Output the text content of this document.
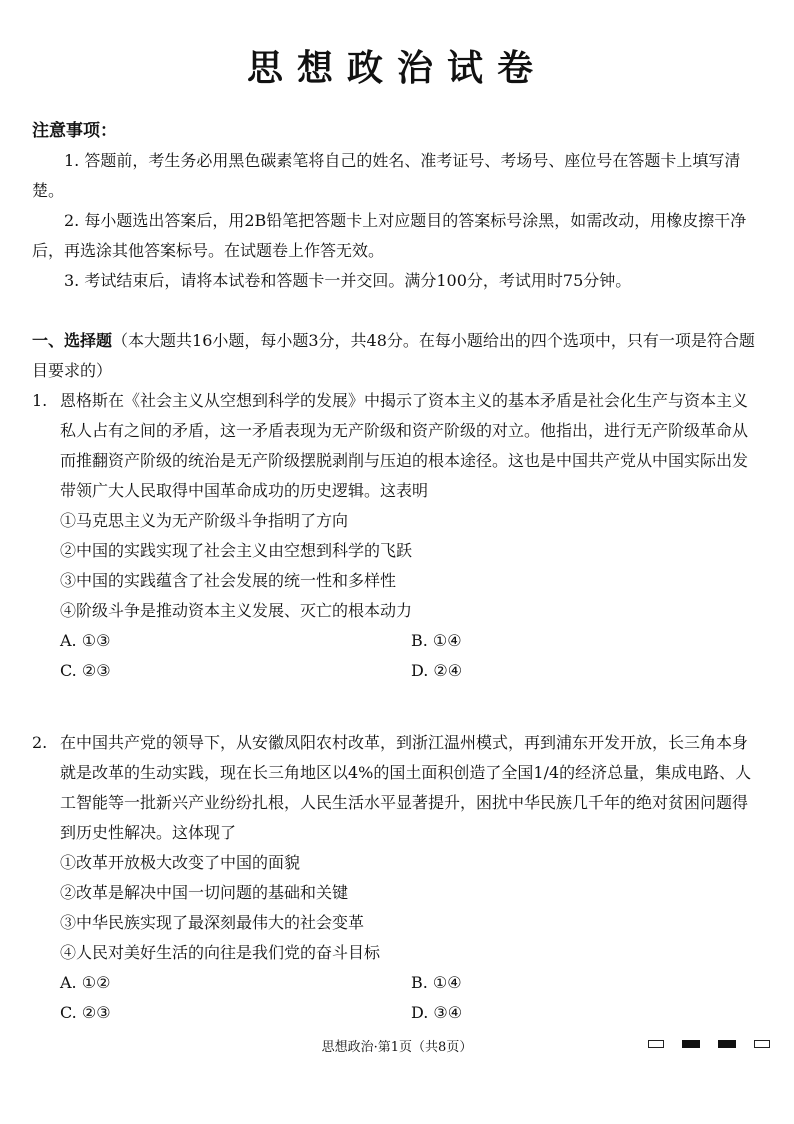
思想政治试卷
注意事项：
1. 答题前，考生务必用黑色碳素笔将自己的姓名、准考证号、考场号、座位号在答题卡上填写清楚。
2. 每小题选出答案后，用2B铅笔把答题卡上对应题目的答案标号涂黑，如需改动，用橡皮擦干净后，再选涂其他答案标号。在试题卷上作答无效。
3. 考试结束后，请将本试卷和答题卡一并交回。满分100分，考试用时75分钟。
一、选择题（本大题共16小题，每小题3分，共48分。在每小题给出的四个选项中，只有一项是符合题目要求的）
1. 恩格斯在《社会主义从空想到科学的发展》中揭示了资本主义的基本矛盾是社会化生产与资本主义私人占有之间的矛盾，这一矛盾表现为无产阶级和资产阶级的对立。他指出，进行无产阶级革命从而推翻资产阶级的统治是无产阶级摆脱剥削与压迫的根本途径。这也是中国共产党从中国实际出发带领广大人民取得中国革命成功的历史逻辑。这表明
①马克思主义为无产阶级斗争指明了方向
②中国的实践实现了社会主义由空想到科学的飞跃
③中国的实践蕴含了社会发展的统一性和多样性
④阶级斗争是推动资本主义发展、灭亡的根本动力
A. ①③	B. ①④
C. ②③	D. ②④
2. 在中国共产党的领导下，从安徽凤阳农村改革，到浙江温州模式，再到浦东开发开放，长三角本身就是改革的生动实践，现在长三角地区以4%的国土面积创造了全国1/4的经济总量，集成电路、人工智能等一批新兴产业纷纷扎根，人民生活水平显著提升，困扰中华民族几千年的绝对贫困问题得到历史性解决。这体现了
①改革开放极大改变了中国的面貌
②改革是解决中国一切问题的基础和关键
③中华民族实现了最深刻最伟大的社会变革
④人民对美好生活的向往是我们党的奋斗目标
A. ①②	B. ①④
C. ②③	D. ③④
思想政治·第1页（共8页）
